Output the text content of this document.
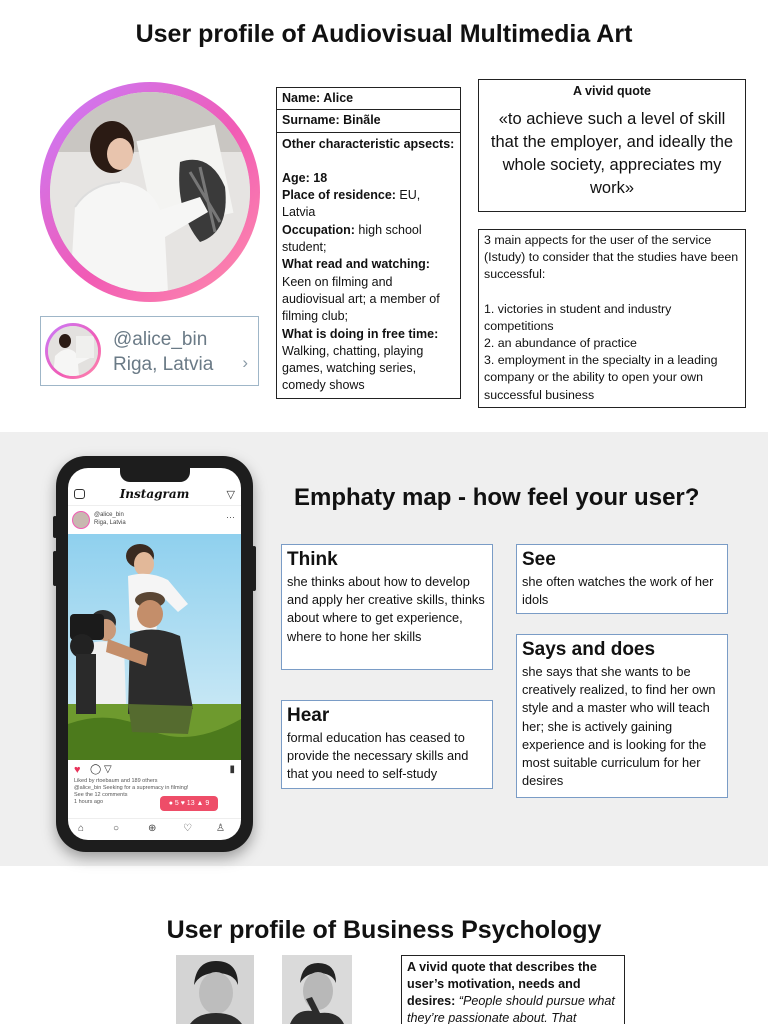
User profile of Audiovisual Multimedia Art
@alice_bin
Riga, Latvia ›
Name: Alice
Surname: Binãle
Other characteristic apsects:
Age: 18
Place of residence: EU, Latvia
Occupation: high school student;
What read and watching:
Keen on filming and audiovisual art; a member of filming club;
What is doing in free time:
Walking, chatting, playing games, watching series, comedy shows
A vivid quote
«to achieve such a level of skill that the employer, and ideally the whole society, appreciates my work»
3 main appects for the user of the service (Istudy) to consider that the studies have been successful:
1. victories in student and industry competitions
2. an abundance of practice
3. employment in the specialty in a leading company or the ability to open your own successful business
Instagram	▽
@alice_bin
Riga, Latvia
···
♥ ◯ ▽	▮
Liked by rtoebaum and 189 others
@alice_bin Seeking for a supremacy in filming!
See the 12 comments
1 hours ago	● 5 ♥ 13 ▲ 9
⌂	○	⊕	♡ ♙
Emphaty map - how feel your user?
Think
she thinks about how to develop and apply her creative skills, thinks about where to get experience, where to hone her skills
See
she often watches the work of her idols
Hear
formal education has ceased to provide the necessary skills and that you need to self-study
Says and does
she says that she wants to be creatively realized, to find her own style and a master who will teach her; she is actively gaining experience and is looking for the most suitable curriculum for her desires
User profile of Business Psychology
A vivid quote that describes the user’s motivation, needs and desires: “People should pursue what they’re passionate about. That
